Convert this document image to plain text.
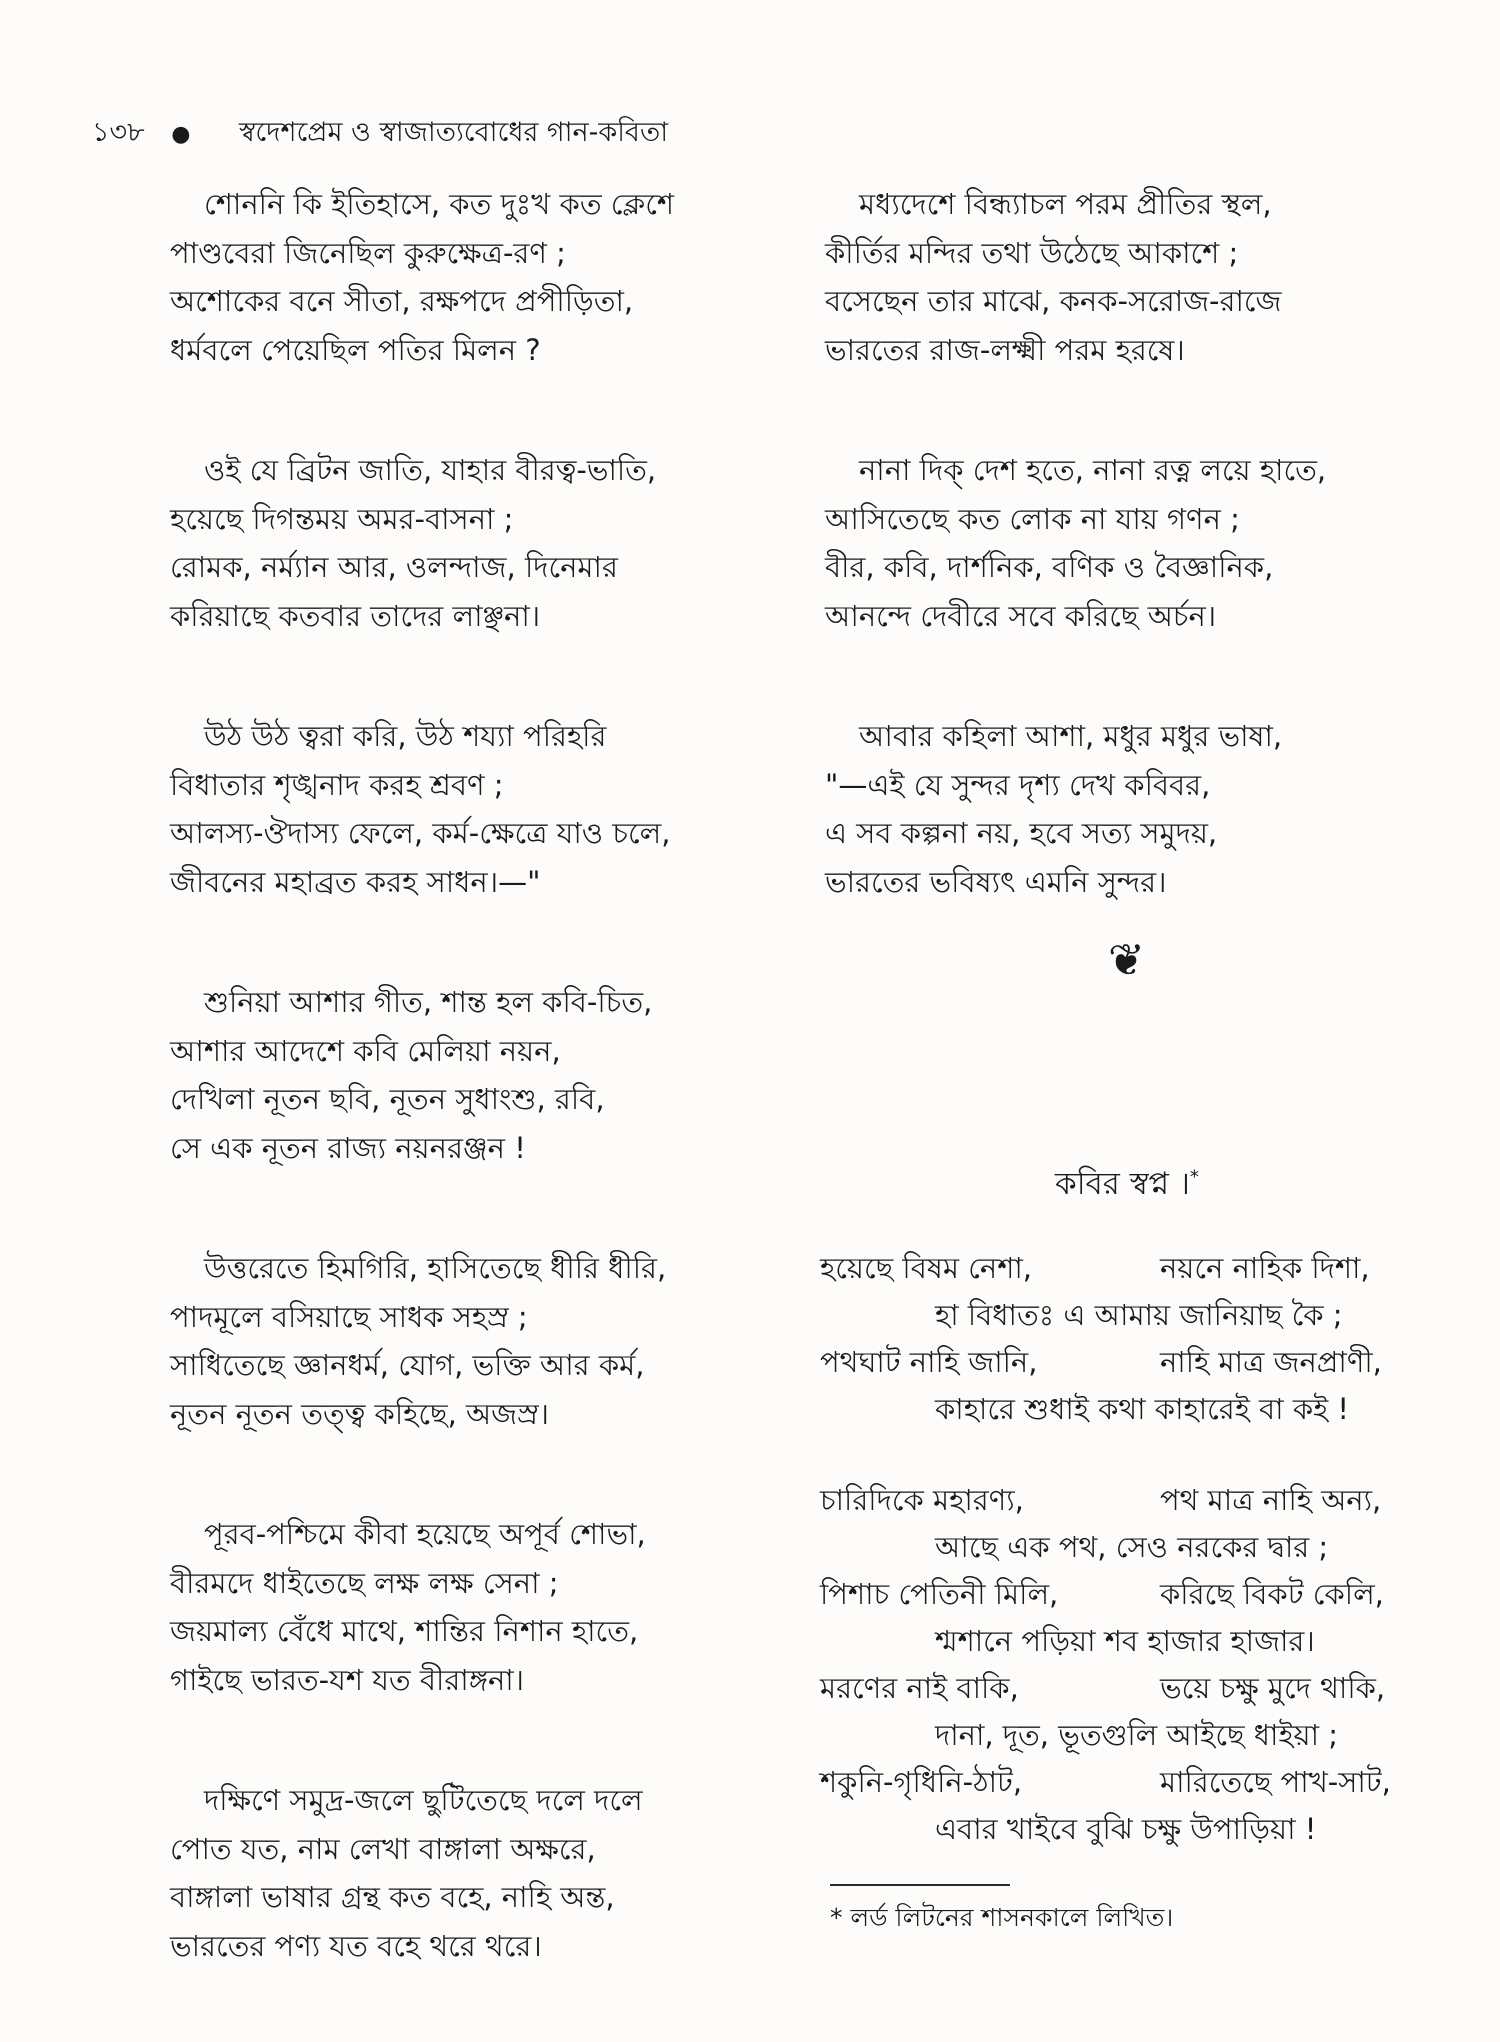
১৩৮ ● স্বদেশপ্রেম ও স্বাজাত্যবোধের গান-কবিতা
শোননি কি ইতিহাসে, কত দুঃখ কত ক্লেশে
পাণ্ডবেরা জিনেছিল কুরুক্ষেত্র-রণ ;
অশোকের বনে সীতা, রক্ষপদে প্রপীড়িতা,
ধর্মবলে পেয়েছিল পতির মিলন ?
ওই যে ব্রিটন জাতি, যাহার বীরত্ব-ভাতি,
হয়েছে দিগন্তময় অমর-বাসনা ;
রোমক, নর্ম্যান আর, ওলন্দাজ, দিনেমার
করিয়াছে কতবার তাদের লাঞ্ছনা।
উঠ উঠ ত্বরা করি, উঠ শয্যা পরিহরি
বিধাতার শৃঙ্খনাদ করহ শ্রবণ ;
আলস্য-ঔদাস্য ফেলে, কর্ম-ক্ষেত্রে যাও চলে,
জীবনের মহাব্রত করহ সাধন।—"
শুনিয়া আশার গীত, শান্ত হল কবি-চিত,
আশার আদেশে কবি মেলিয়া নয়ন,
দেখিলা নূতন ছবি, নূতন সুধাংশু, রবি,
সে এক নূতন রাজ্য নয়নরঞ্জন !
উত্তরেতে হিমগিরি, হাসিতেছে ধীরি ধীরি,
পাদমূলে বসিয়াছে সাধক সহস্র ;
সাধিতেছে জ্ঞানধর্ম, যোগ, ভক্তি আর কর্ম,
নূতন নূতন তত্ত্ব কহিছে, অজস্র।
পূরব-পশ্চিমে কীবা হয়েছে অপূর্ব শোভা,
বীরমদে ধাইতেছে লক্ষ লক্ষ সেনা ;
জয়মাল্য বেঁধে মাথে, শান্তির নিশান হাতে,
গাইছে ভারত-যশ যত বীরাঙ্গনা।
দক্ষিণে সমুদ্র-জলে ছুটিতেছে দলে দলে
পোত যত, নাম লেখা বাঙ্গালা অক্ষরে,
বাঙ্গালা ভাষার গ্রন্থ কত বহে, নাহি অন্ত,
ভারতের পণ্য যত বহে থরে থরে।
মধ্যদেশে বিন্ধ্যাচল পরম প্রীতির স্থল,
কীর্তির মন্দির তথা উঠেছে আকাশে ;
বসেছেন তার মাঝে, কনক-সরোজ-রাজে
ভারতের রাজ-লক্ষ্মী পরম হরষে।
নানা দিক্ দেশ হতে, নানা রত্ন লয়ে হাতে,
আসিতেছে কত লোক না যায় গণন ;
বীর, কবি, দার্শনিক, বণিক ও বৈজ্ঞানিক,
আনন্দে দেবীরে সবে করিছে অর্চন।
আবার কহিলা আশা, মধুর মধুর ভাষা,
"—এই যে সুন্দর দৃশ্য দেখ কবিবর,
এ সব কল্পনা নয়, হবে সত্য সমুদয়,
ভারতের ভবিষ্যৎ এমনি সুন্দর।
❦
কবির স্বপ্ন ।*
হয়েছে বিষম নেশা,	নয়নে নাহিক দিশা,
হা বিধাতঃ এ আমায় জানিয়াছ কৈ ;
পথঘাট নাহি জানি,	নাহি মাত্র জনপ্রাণী,
কাহারে শুধাই কথা কাহারেই বা কই !
চারিদিকে মহারণ্য,	পথ মাত্র নাহি অন্য,
আছে এক পথ, সেও নরকের দ্বার ;
পিশাচ পেতিনী মিলি,	করিছে বিকট কেলি,
শ্মশানে পড়িয়া শব হাজার হাজার।
মরণের নাই বাকি,	ভয়ে চক্ষু মুদে থাকি,
দানা, দূত, ভূতগুলি আইছে ধাইয়া ;
শকুনি-গৃধিনি-ঠাট,	মারিতেছে পাখ-সাট,
এবার খাইবে বুঝি চক্ষু উপাড়িয়া !
* লর্ড লিটনের শাসনকালে লিখিত।
